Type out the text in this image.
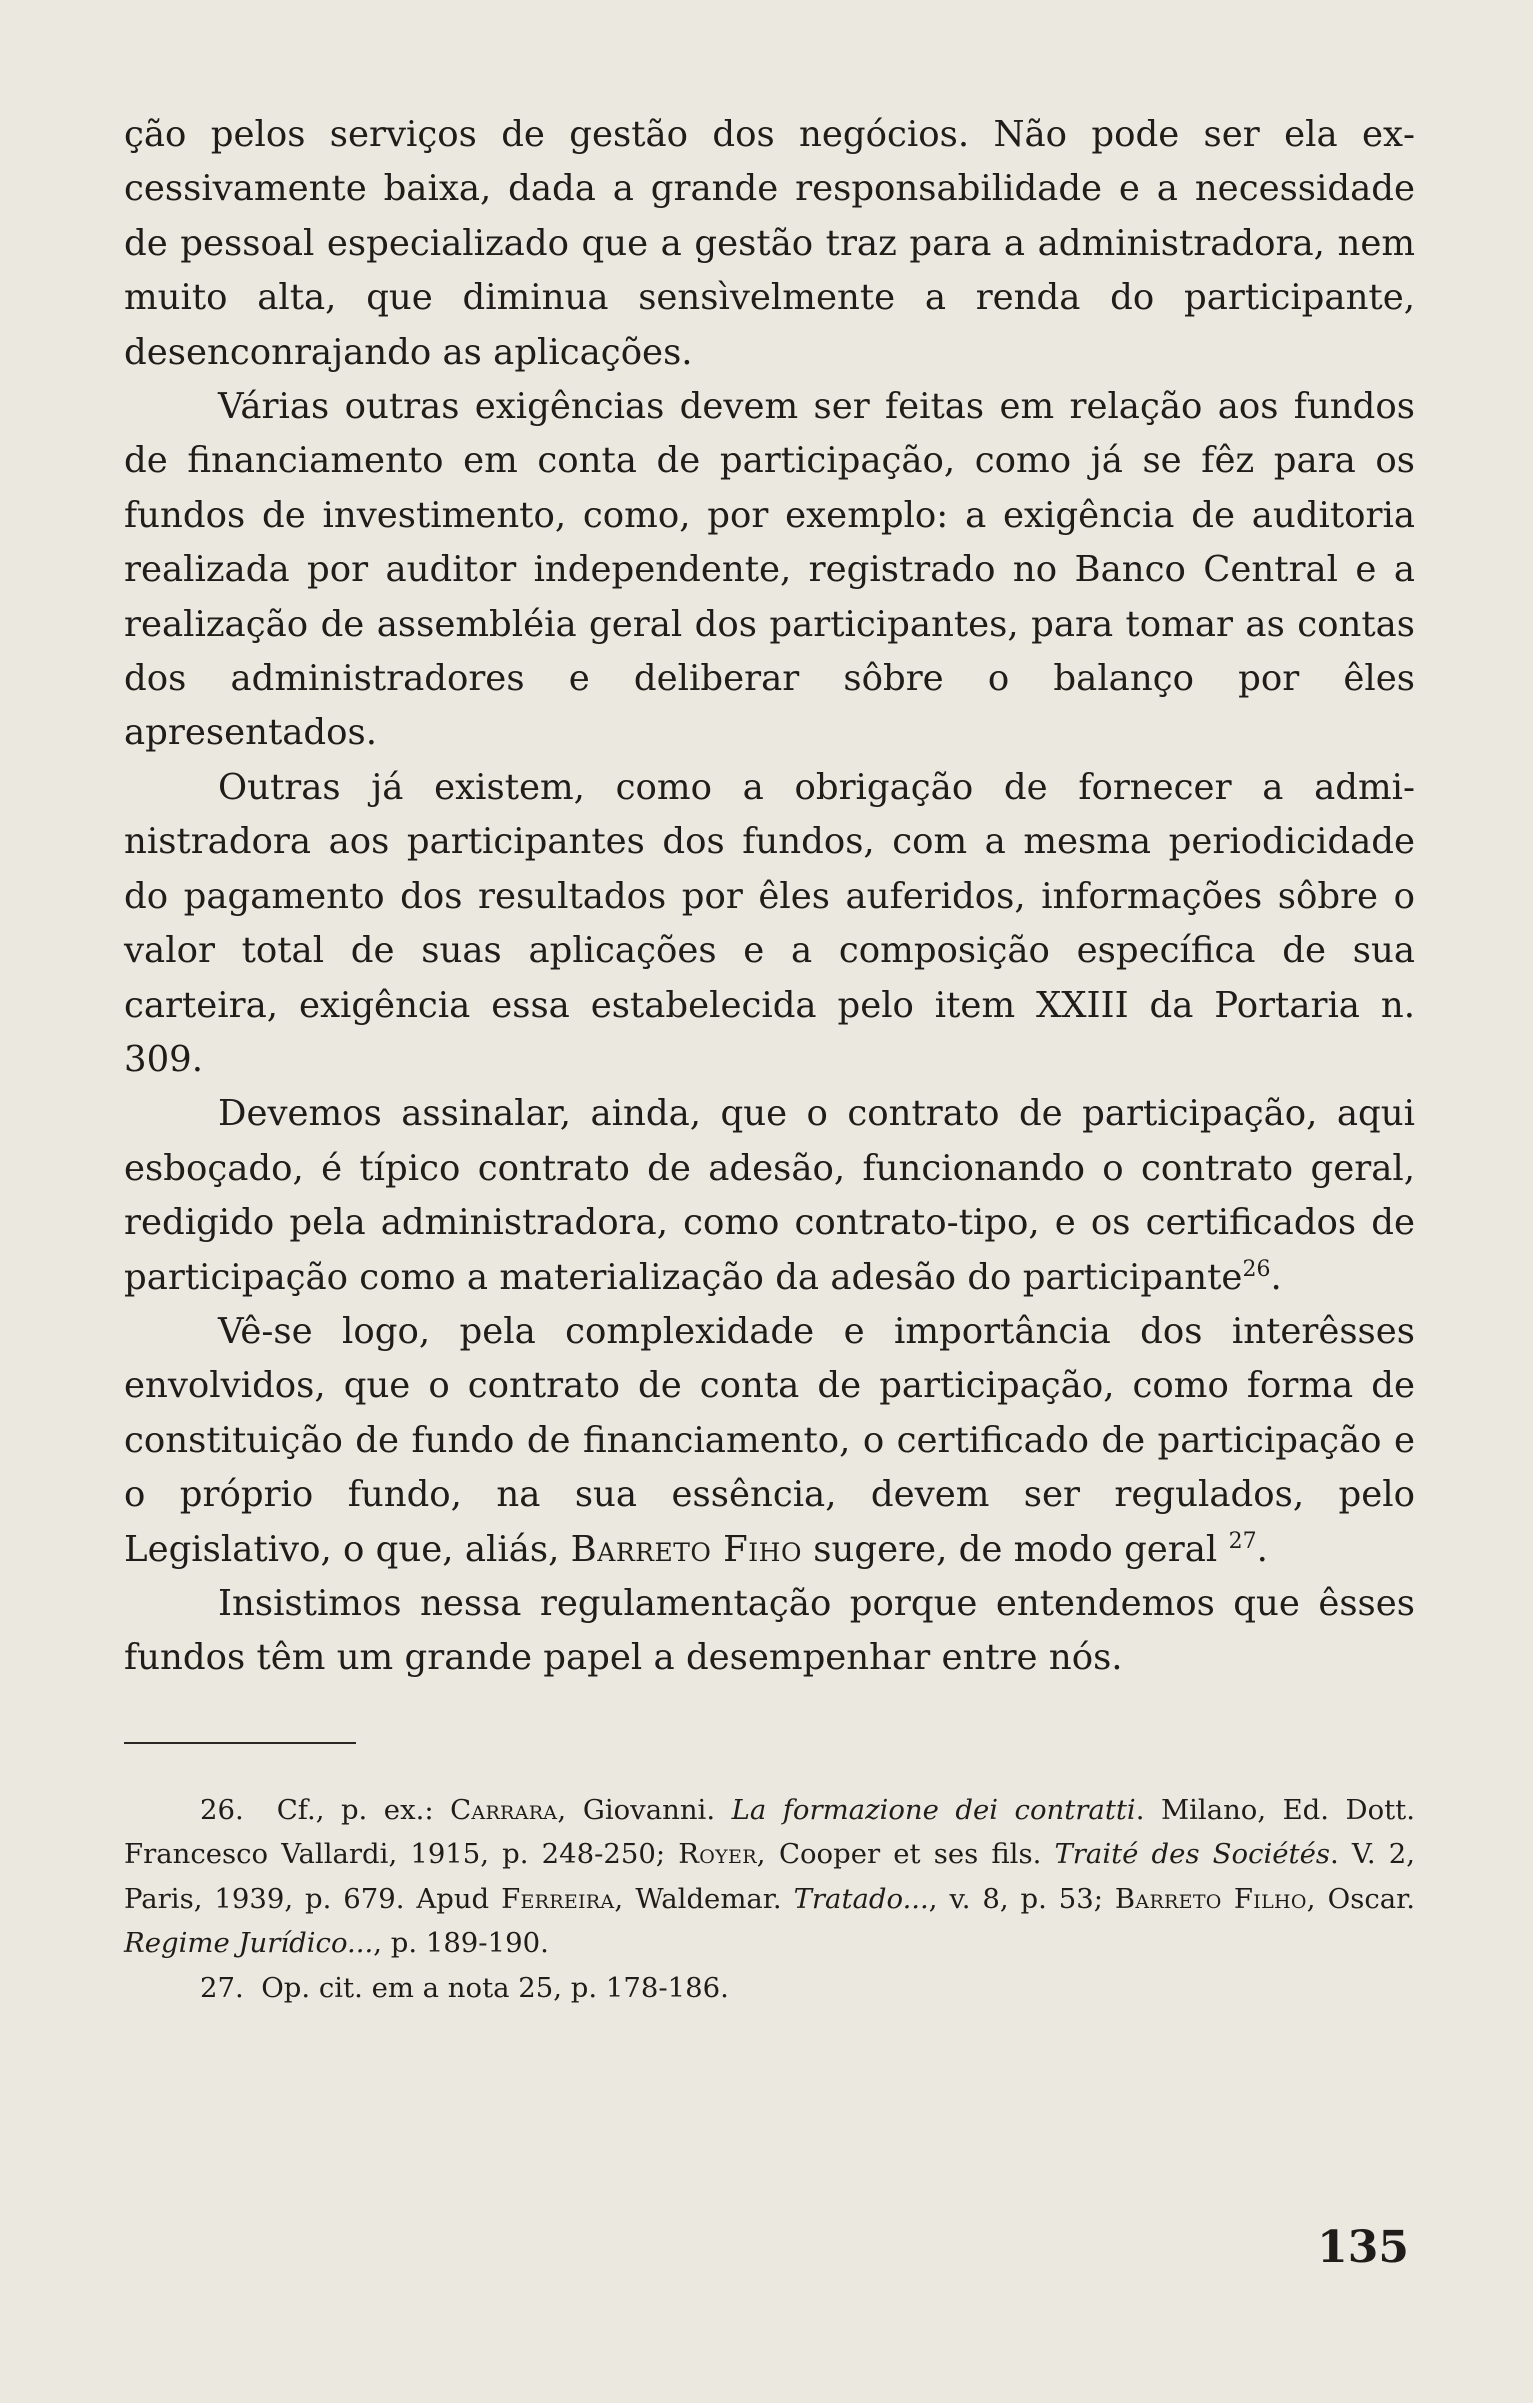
ção pelos serviços de gestão dos negócios. Não pode ser ela excessivamente baixa, dada a grande responsabilidade e a necessidade de pessoal especializado que a gestão traz para a administradora, nem muito alta, que diminua sensìvelmente a renda do participante, desenconrajando as aplicações.

Várias outras exigências devem ser feitas em relação aos fundos de financiamento em conta de participação, como já se fêz para os fundos de investimento, como, por exemplo: a exigência de auditoria realizada por auditor independente, registrado no Banco Central e a realização de assembléia geral dos participantes, para tomar as contas dos administradores e deliberar sôbre o balanço por êles apresentados.

Outras já existem, como a obrigação de fornecer a administradora aos participantes dos fundos, com a mesma periodicidade do pagamento dos resultados por êles auferidos, informações sôbre o valor total de suas aplicações e a composição específica de sua carteira, exigência essa estabelecida pelo item XXIII da Portaria n. 309.

Devemos assinalar, ainda, que o contrato de participação, aqui esboçado, é típico contrato de adesão, funcionando o contrato geral, redigido pela administradora, como contrato-tipo, e os certificados de participação como a materialização da adesão do participante$^{26}$.

Vê-se logo, pela complexidade e importância dos interêsses envolvidos, que o contrato de conta de participação, como forma de constituição de fundo de financiamento, o certificado de participação e o próprio fundo, na sua essência, devem ser regulados, pelo Legislativo, o que, aliás, Barreto Fiho sugere, de modo geral $^{27}$.

Insistimos nessa regulamentação porque entendemos que êsses fundos têm um grande papel a desempenhar entre nós.

26. Cf., p. ex.: Carrara, Giovanni. La formazione dei contratti. Milano, Ed. Dott. Francesco Vallardi, 1915, p. 248-250; Royer, Cooper et ses fils. Traité des Sociétés. V. 2, Paris, 1939, p. 679. Apud Ferreira, Waldemar. Tratado..., v. 8, p. 53; Barreto Filho, Oscar. Regime Jurídico..., p. 189-190.

27. Op. cit. em a nota 25, p. 178-186.

135
